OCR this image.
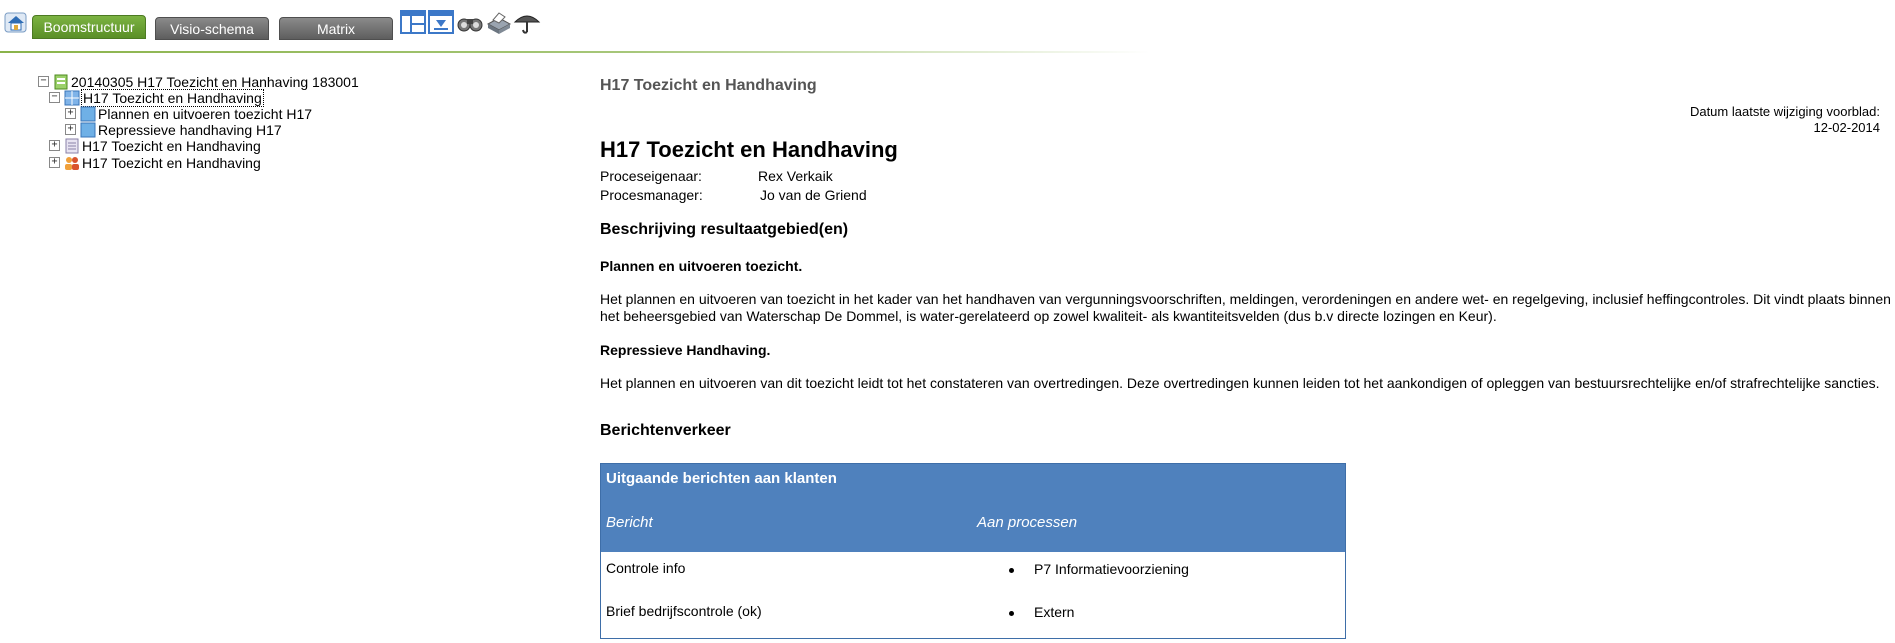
Boomstructuur	Visio-schema	Matrix
− 20140305 H17 Toezicht en Hanhaving 183001
− H17 Toezicht en Handhaving
+ Plannen en uitvoeren toezicht H17
+ Repressieve handhaving H17
+ H17 Toezicht en Handhaving
+ H17 Toezicht en Handhaving
H17 Toezicht en Handhaving
Datum laatste wijziging voorblad:
12-02-2014
H17 Toezicht en Handhaving
Proceseigenaar:	Rex Verkaik
Procesmanager:	Jo van de Griend
Beschrijving resultaatgebied(en)
Plannen en uitvoeren toezicht.
Het plannen en uitvoeren van toezicht in het kader van het handhaven van vergunningsvoorschriften, meldingen, verordeningen en andere wet- en regelgeving, inclusief heffingcontroles. Dit vindt plaats binnen het beheersgebied van Waterschap De Dommel, is water-gerelateerd op zowel kwaliteit- als kwantiteitsvelden (dus b.v directe lozingen en Keur).
Repressieve Handhaving.
Het plannen en uitvoeren van dit toezicht leidt tot het constateren van overtredingen. Deze overtredingen kunnen leiden tot het aankondigen of opleggen van bestuursrechtelijke en/of strafrechtelijke sancties.
Berichtenverkeer
Uitgaande berichten aan klanten
Bericht	Aan processen
Controle info	P7 Informatievoorziening
Brief bedrijfscontrole (ok)	Extern
